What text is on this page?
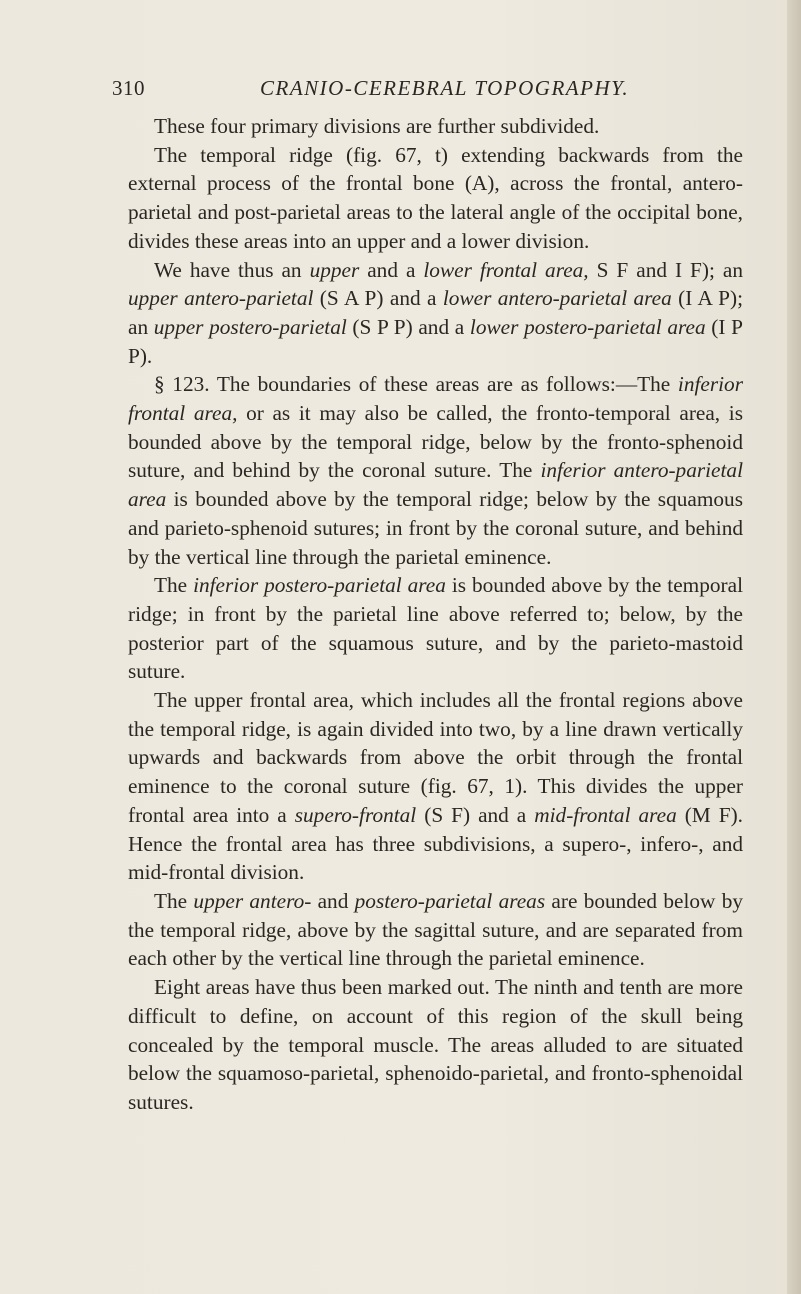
310	CRANIO-CEREBRAL TOPOGRAPHY.

These four primary divisions are further subdivided.

The temporal ridge (fig. 67, t) extending backwards from the external process of the frontal bone (A), across the frontal, antero-parietal and post-parietal areas to the lateral angle of the occipital bone, divides these areas into an upper and a lower division.

We have thus an upper and a lower frontal area, S F and I F); an upper antero-parietal (S A P) and a lower antero-parietal area (I A P); an upper postero-parietal (S P P) and a lower postero-parietal area (I P P).

§ 123. The boundaries of these areas are as follows:—The inferior frontal area, or as it may also be called, the fronto-temporal area, is bounded above by the temporal ridge, below by the fronto-sphenoid suture, and behind by the coronal suture. The inferior antero-parietal area is bounded above by the temporal ridge; below by the squamous and parieto-sphenoid sutures; in front by the coronal suture, and behind by the vertical line through the parietal eminence.

The inferior postero-parietal area is bounded above by the temporal ridge; in front by the parietal line above referred to; below, by the posterior part of the squamous suture, and by the parieto-mastoid suture.

The upper frontal area, which includes all the frontal regions above the temporal ridge, is again divided into two, by a line drawn vertically upwards and backwards from above the orbit through the frontal eminence to the coronal suture (fig. 67, 1). This divides the upper frontal area into a supero-frontal (S F) and a mid-frontal area (M F). Hence the frontal area has three subdivisions, a supero-, infero-, and mid-frontal division.

The upper antero- and postero-parietal areas are bounded below by the temporal ridge, above by the sagittal suture, and are separated from each other by the vertical line through the parietal eminence.

Eight areas have thus been marked out. The ninth and tenth are more difficult to define, on account of this region of the skull being concealed by the temporal muscle. The areas alluded to are situated below the squamoso-parietal, sphenoido-parietal, and fronto-sphenoidal sutures.
